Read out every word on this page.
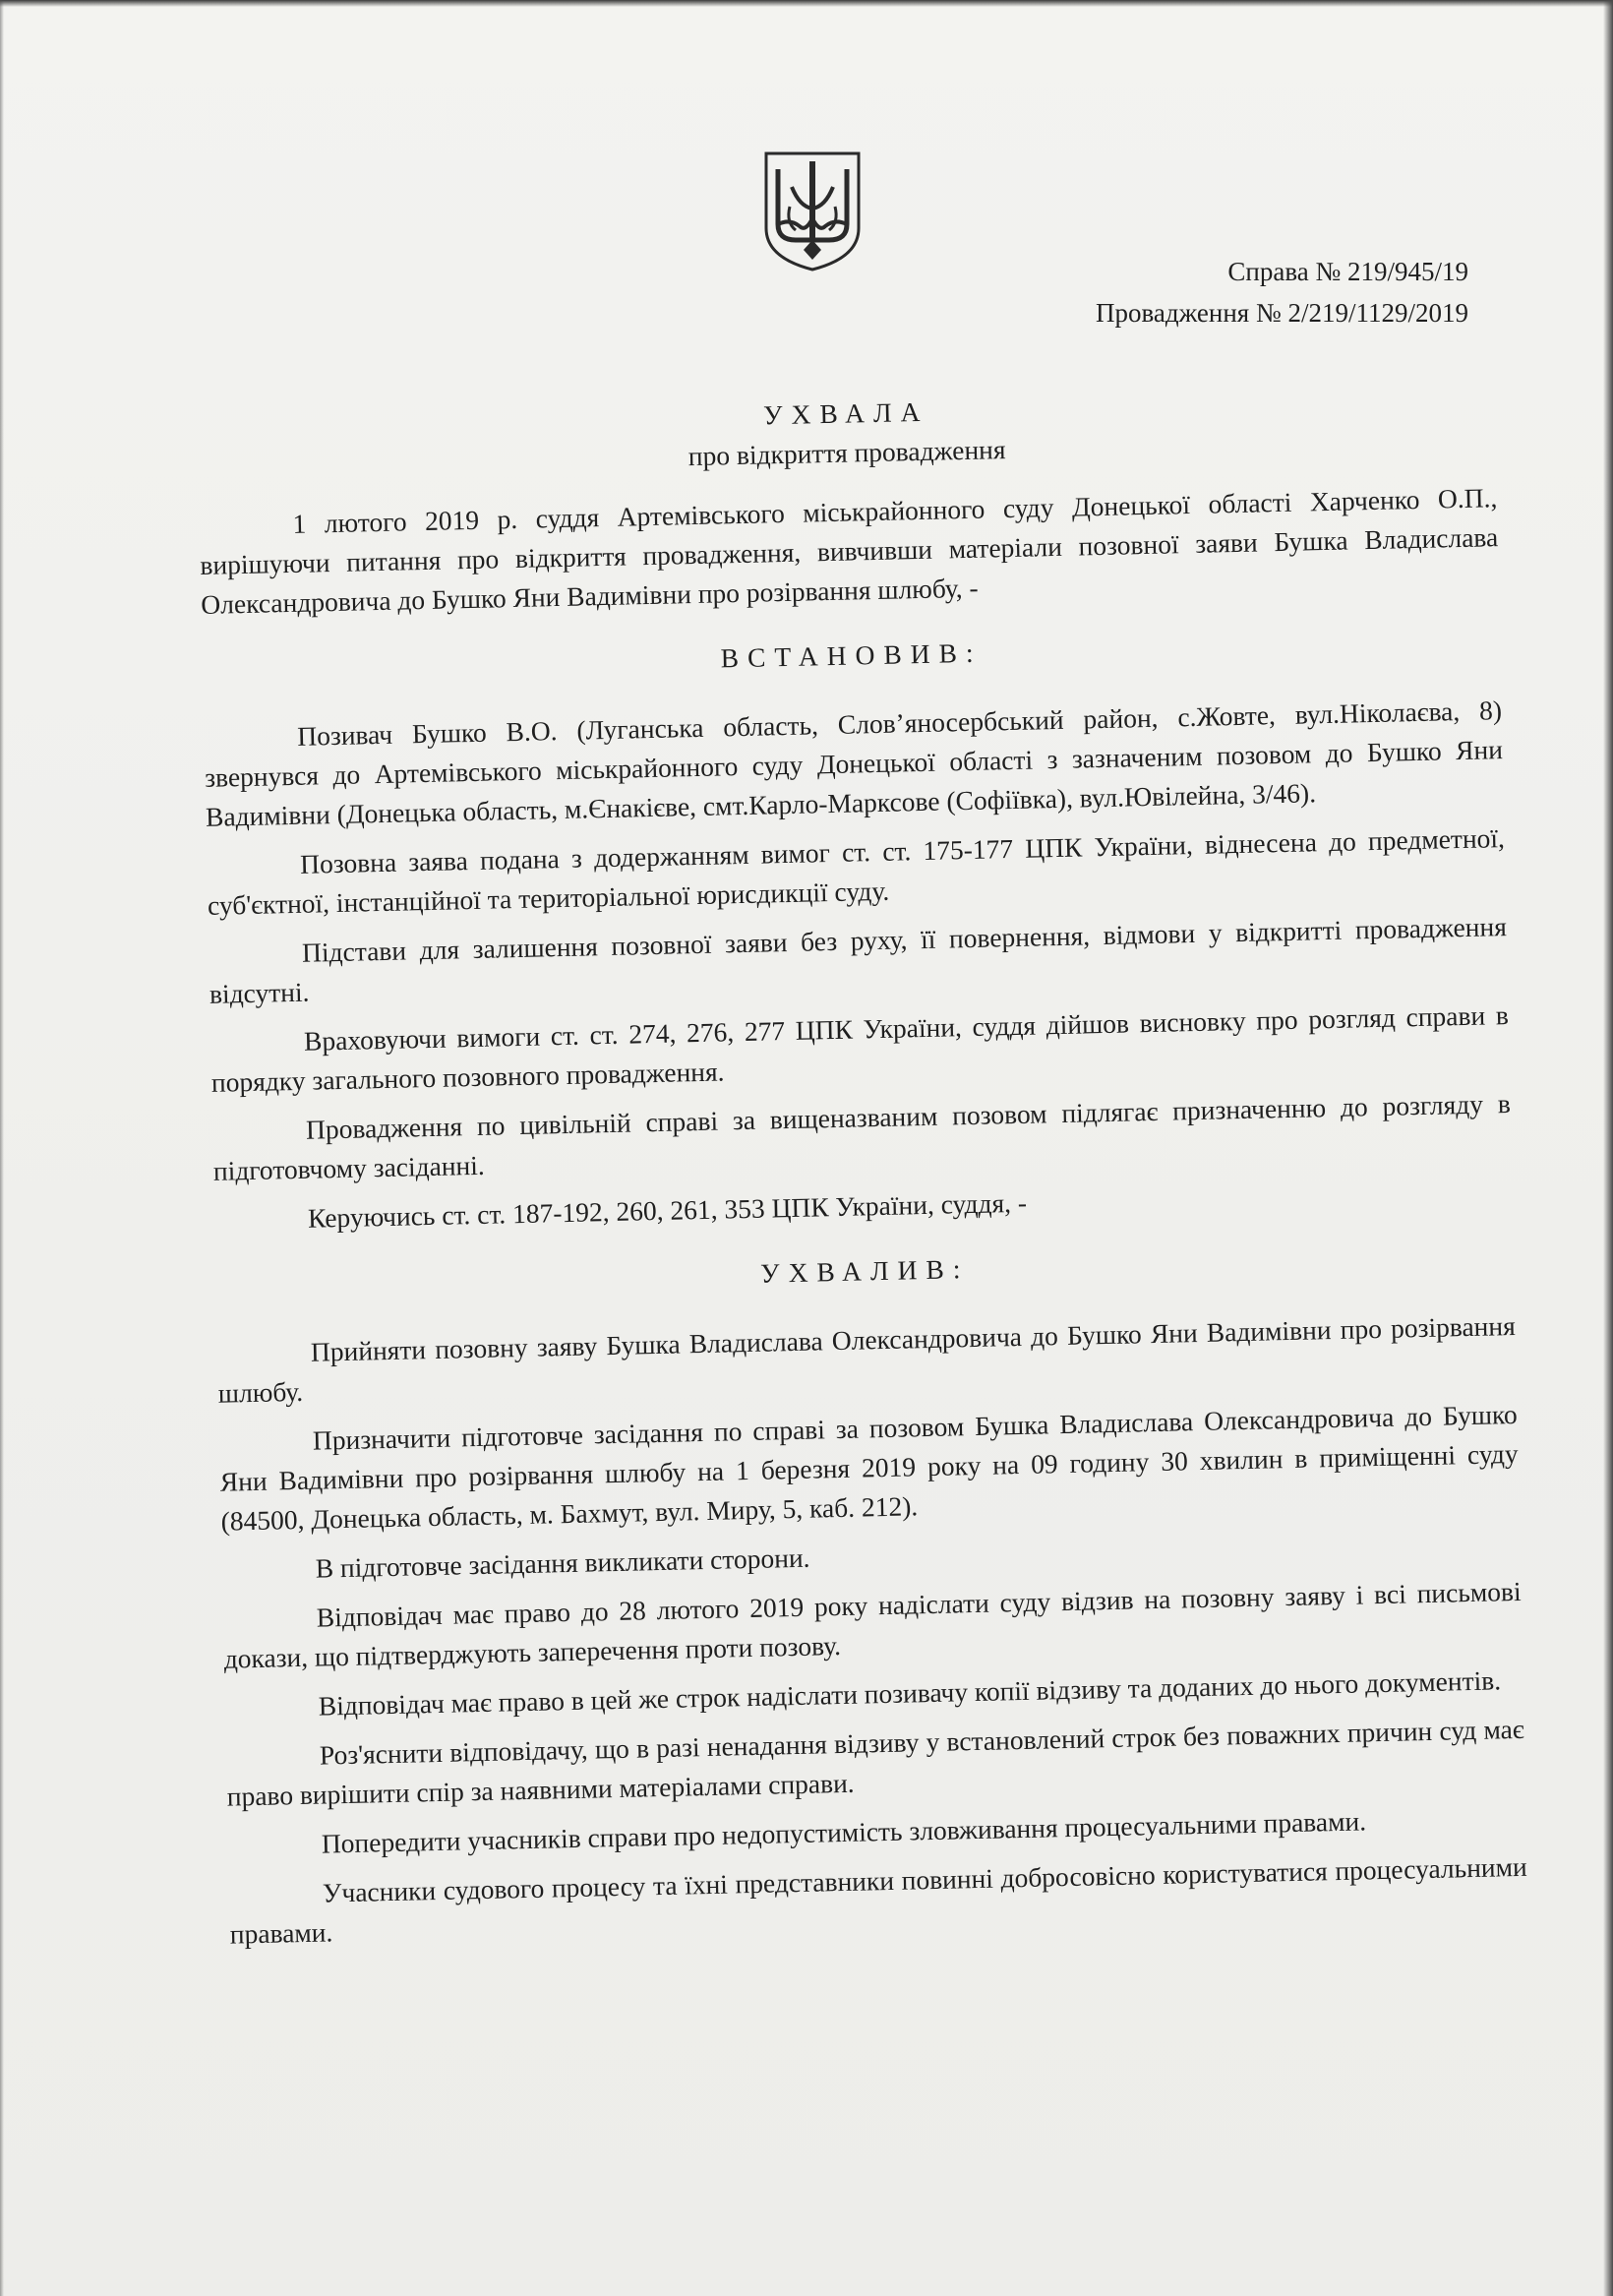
Справа № 219/945/19
Провадження № 2/219/1129/2019
УХВАЛА
про відкриття провадження

1 лютого 2019 р. суддя Артемівського міськрайонного суду Донецької області Харченко О.П., вирішуючи питання про відкриття провадження, вивчивши матеріали позовної заяви Бушка Владислава Олександровича до Бушко Яни Вадимівни про розірвання шлюбу, -

ВСТАНОВИВ:

Позивач Бушко В.О. (Луганська область, Слов’яносербський район, с.Жовте, вул.Ніколаєва, 8) звернувся до Артемівського міськрайонного суду Донецької області з зазначеним позовом до Бушко Яни Вадимівни (Донецька область, м.Єнакієве, смт.Карло-Марксове (Софіївка), вул.Ювілейна, 3/46).

Позовна заява подана з додержанням вимог ст. ст. 175-177 ЦПК України, віднесена до предметної, суб'єктної, інстанційної та територіальної юрисдикції суду.

Підстави для залишення позовної заяви без руху, її повернення, відмови у відкритті провадження відсутні.

Враховуючи вимоги ст. ст. 274, 276, 277 ЦПК України, суддя дійшов висновку про розгляд справи в порядку загального позовного провадження.

Провадження по цивільній справі за вищеназваним позовом підлягає призначенню до розгляду в підготовчому засіданні.

Керуючись ст. ст. 187-192, 260, 261, 353 ЦПК України, суддя, -

УХВАЛИВ:

Прийняти позовну заяву Бушка Владислава Олександровича до Бушко Яни Вадимівни про розірвання шлюбу.

Призначити підготовче засідання по справі за позовом Бушка Владислава Олександровича до Бушко Яни Вадимівни про розірвання шлюбу на 1 березня 2019 року на 09 годину 30 хвилин в приміщенні суду (84500, Донецька область, м. Бахмут, вул. Миру, 5, каб. 212).

В підготовче засідання викликати сторони.

Відповідач має право до 28 лютого 2019 року надіслати суду відзив на позовну заяву і всі письмові докази, що підтверджують заперечення проти позову.

Відповідач має право в цей же строк надіслати позивачу копії відзиву та доданих до нього документів.

Роз'яснити відповідачу, що в разі ненадання відзиву у встановлений строк без поважних причин суд має право вирішити спір за наявними матеріалами справи.

Попередити учасників справи про недопустимість зловживання процесуальними правами.

Учасники судового процесу та їхні представники повинні добросовісно користуватися процесуальними правами.
